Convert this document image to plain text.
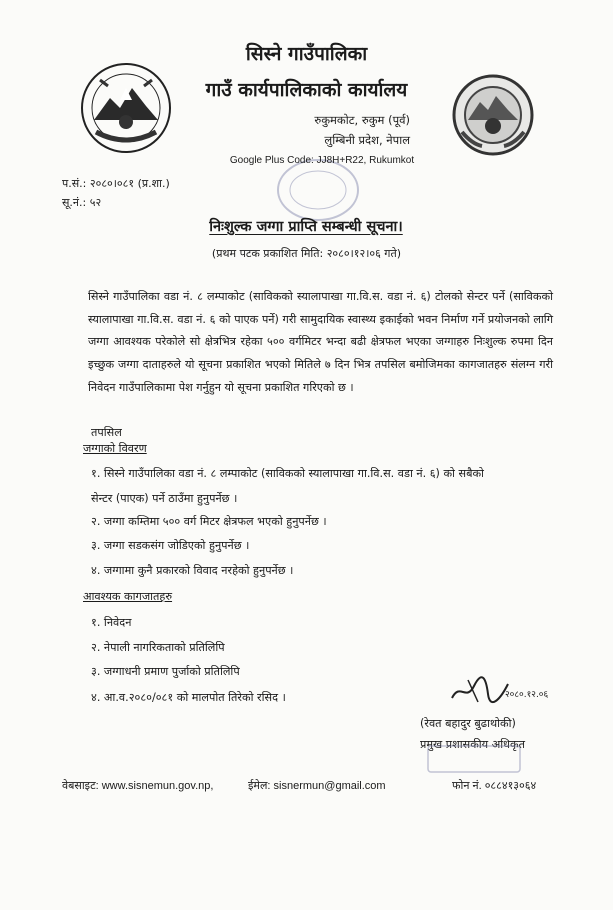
सिस्ने गाउँपालिका
गाउँ कार्यपालिकाको कार्यालय
रुकुमकोट, रुकुम (पूर्व)
लुम्बिनी प्रदेश, नेपाल
Google Plus Code: JJ8H+R22, Rukumkot
प.सं.: २०८०।०८१ (प्र.शा.)
सू.नं.: ५२
निःशुल्क जग्गा प्राप्ति सम्बन्धी सूचना।
(प्रथम पटक प्रकाशित मिति: २०८०।१२।०६ गते)
सिस्ने गाउँपालिका वडा नं. ८ लम्पाकोट (साविकको स्यालापाखा गा.वि.स. वडा नं. ६) टोलको सेन्टर पर्ने (साविकको स्यालापाखा गा.वि.स. वडा नं. ६ को पाएक पर्ने) गरी सामुदायिक स्वास्थ्य इकाईको भवन निर्माण गर्ने प्रयोजनको लागि जग्गा आवश्यक परेकोले सो क्षेत्रभित्र रहेका ५०० वर्गमिटर भन्दा बढी क्षेत्रफल भएका जग्गाहरु निःशुल्क रुपमा दिन इच्छुक जग्गा दाताहरुले यो सूचना प्रकाशित भएको मितिले ७ दिन भित्र तपसिल बमोजिमका कागजातहरु संलग्न गरी निवेदन गाउँपालिकामा पेश गर्नुहुन यो सूचना प्रकाशित गरिएको छ ।
तपसिल
जग्गाको विवरण
१. सिस्ने गाउँपालिका वडा नं. ८ लम्पाकोट (साविकको स्यालापाखा गा.वि.स. वडा नं. ६) को सबैको
सेन्टर (पाएक) पर्ने ठाउँमा हुनुपर्नेछ ।
२. जग्गा कम्तिमा ५०० वर्ग मिटर क्षेत्रफल भएको हुनुपर्नेछ ।
३. जग्गा सडकसंग जोडिएको हुनुपर्नेछ ।
४. जग्गामा कुनै प्रकारको विवाद नरहेको हुनुपर्नेछ ।
आवश्यक कागजातहरु
१. निवेदन
२. नेपाली नागरिकताको प्रतिलिपि
३. जग्गाधनी प्रमाण पुर्जाको प्रतिलिपि
४. आ.व.२०८०/०८१ को मालपोत तिरेको रसिद ।	२०८०.१२.०६
(रेवत बहादुर बुढाथोकी)
प्रमुख प्रशासकीय अधिकृत
वेबसाइट: www.sisnemun.gov.np,	ईमेल: sisnermun@gmail.com	फोन नं. ०८८४१३०६४
